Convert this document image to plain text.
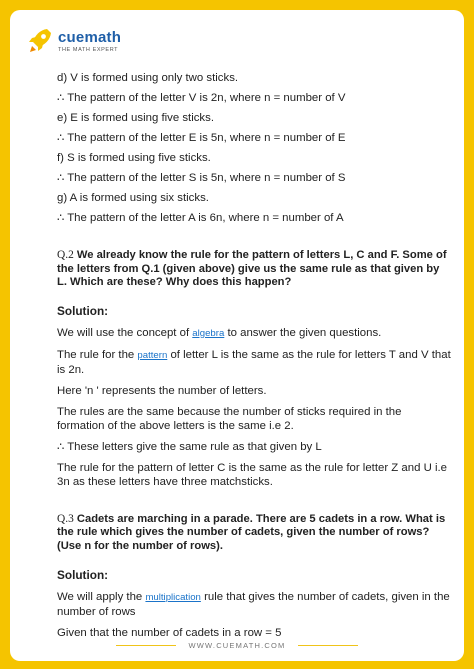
cuemath
THE MATH EXPERT
d) V is formed using only two sticks.
∴ The pattern of the letter V is 2n, where n = number of V
e) E is formed using five sticks.
∴ The pattern of the letter E is 5n, where n = number of E
f) S is formed using five sticks.
∴ The pattern of the letter S is 5n, where n = number of S
g) A is formed using six sticks.
∴ The pattern of the letter A is 6n, where n = number of A

Q.2 We already know the rule for the pattern of letters L, C and F. Some of the letters from Q.1 (given above) give us the same rule as that given by L. Which are these? Why does this happen?

Solution:

We will use the concept of algebra to answer the given questions.

The rule for the pattern of letter L is the same as the rule for letters T and V that is 2n.

Here 'n ' represents the number of letters.

The rules are the same because the number of sticks required in the formation of the above letters is the same i.e 2.

∴ These letters give the same rule as that given by L

The rule for the pattern of letter C is the same as the rule for letter Z and U i.e 3n as these letters have three matchsticks.

Q.3 Cadets are marching in a parade. There are 5 cadets in a row. What is the rule which gives the number of cadets, given the number of rows? (Use n for the number of rows).

Solution:

We will apply the multiplication rule that gives the number of cadets, given in the number of rows

Given that the number of cadets in a row = 5

WWW.CUEMATH.COM
